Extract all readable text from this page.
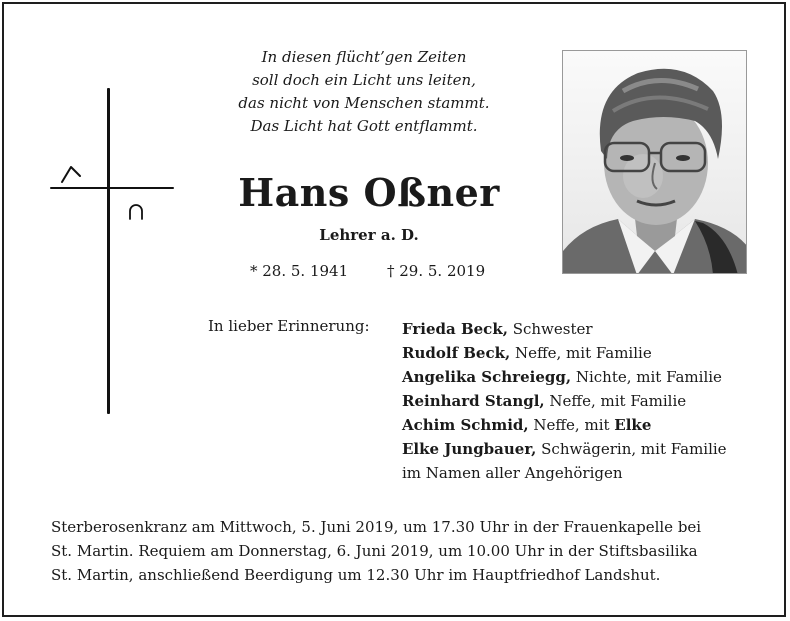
In diesen flücht’gen Zeiten
soll doch ein Licht uns leiten,
das nicht von Menschen stammt.
Das Licht hat Gott entflammt.
Hans Oßner
Lehrer a. D.
* 28. 5. 1941	† 29. 5. 2019
In lieber Erinnerung: Frieda Beck, Schwester
Rudolf Beck, Neffe, mit Familie
Angelika Schreiegg, Nichte, mit Familie
Reinhard Stangl, Neffe, mit Familie
Achim Schmid, Neffe, mit Elke
Elke Jungbauer, Schwägerin, mit Familie
im Namen aller Angehörigen
Sterberosenkranz am Mittwoch, 5. Juni 2019, um 17.30 Uhr in der Frauenkapelle bei
St. Martin. Requiem am Donnerstag, 6. Juni 2019, um 10.00 Uhr in der Stiftsbasilika
St. Martin, anschließend Beerdigung um 12.30 Uhr im Hauptfriedhof Landshut.
